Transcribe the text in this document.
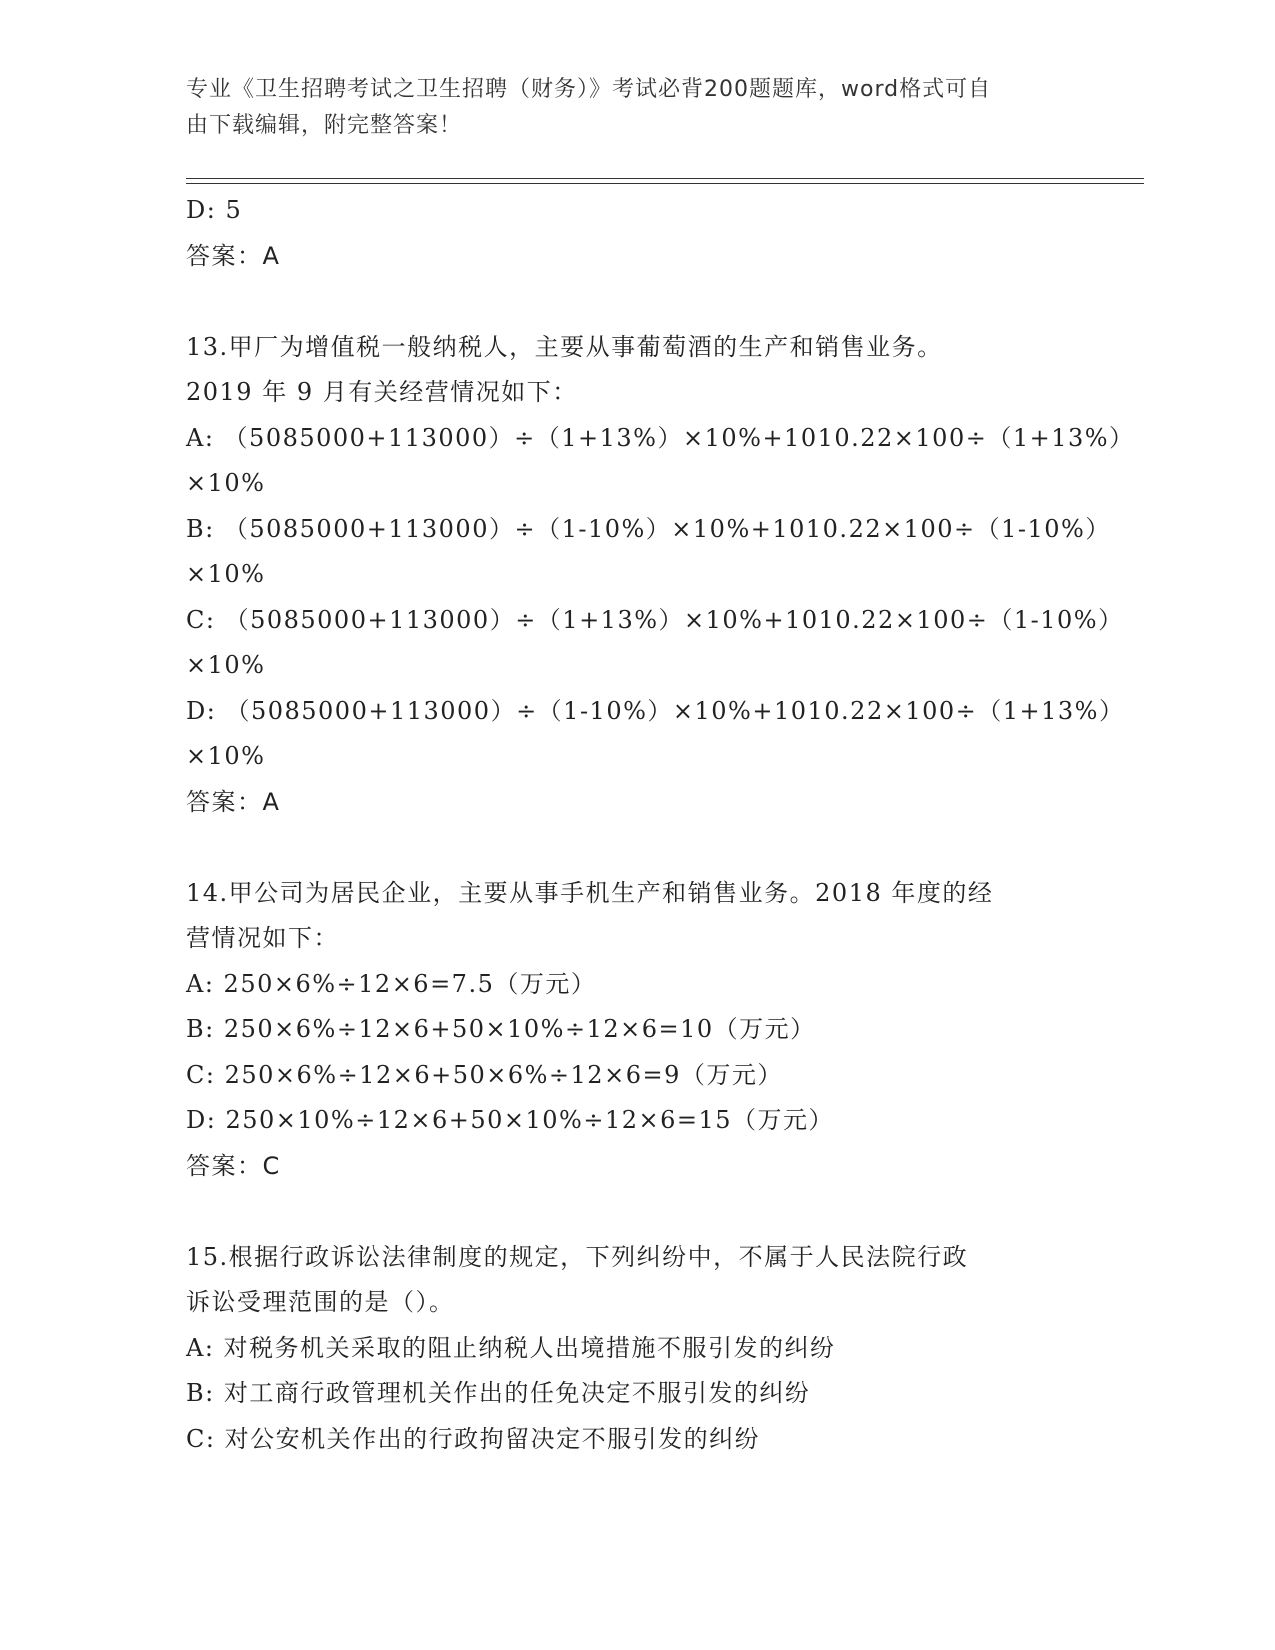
专业《卫生招聘考试之卫生招聘（财务）》考试必背200题题库，word格式可自
由下载编辑，附完整答案！
D: 5
答案：A
13.甲厂为增值税一般纳税人，主要从事葡萄酒的生产和销售业务。
2019 年 9 月有关经营情况如下：
A: （5085000+113000）÷（1+13%）×10%+1010.22×100÷（1+13%）
×10%
B: （5085000+113000）÷（1-10%）×10%+1010.22×100÷（1-10%）
×10%
C: （5085000+113000）÷（1+13%）×10%+1010.22×100÷（1-10%）
×10%
D: （5085000+113000）÷（1-10%）×10%+1010.22×100÷（1+13%）
×10%
答案：A
14.甲公司为居民企业，主要从事手机生产和销售业务。2018 年度的经
营情况如下：
A: 250×6%÷12×6=7.5（万元）
B: 250×6%÷12×6+50×10%÷12×6=10（万元）
C: 250×6%÷12×6+50×6%÷12×6=9（万元）
D: 250×10%÷12×6+50×10%÷12×6=15（万元）
答案：C
15.根据行政诉讼法律制度的规定，下列纠纷中，不属于人民法院行政
诉讼受理范围的是（）。
A: 对税务机关采取的阻止纳税人出境措施不服引发的纠纷
B: 对工商行政管理机关作出的任免决定不服引发的纠纷
C: 对公安机关作出的行政拘留决定不服引发的纠纷
